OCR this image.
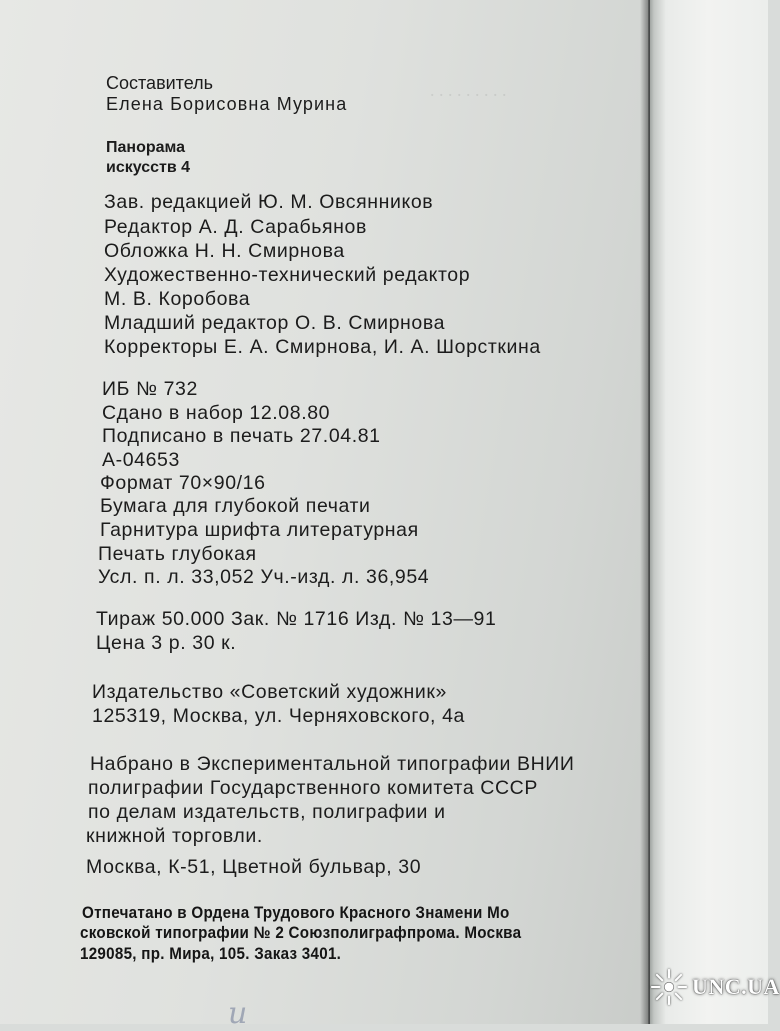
. . . . . . . . .

Составитель

Елена Борисовна Мурина

Панорама

искусств 4

Зав. редакцией Ю. М. Овсянников

Редактор А. Д. Сарабьянов

Обложка Н. Н. Смирнова

Художественно-технический редактор

М. В. Коробова

Младший редактор О. В. Смирнова

Корректоры Е. А. Смирнова, И. А. Шорсткина

ИБ № 732

Сдано в набор 12.08.80

Подписано в печать 27.04.81

А-04653

Формат 70×90/16

Бумага для глубокой печати

Гарнитура шрифта литературная

Печать глубокая

Усл. п. л. 33,052 Уч.-изд. л. 36,954

Тираж 50.000 Зак. № 1716 Изд. № 13—91

Цена 3 р. 30 к.

Издательство «Советский художник»

125319, Москва, ул. Черняховского, 4а

Набрано в Экспериментальной типографии ВНИИ

полиграфии Государственного комитета СССР

по делам издательств, полиграфии и

книжной торговли.

Москва, К-51, Цветной бульвар, 30

Отпечатано в Ордена Трудового Красного Знамени Мо

сковской типографии № 2 Союзполиграфпрома. Москва

129085, пр. Мира, 105. Заказ 3401.

u
UNC.UA
